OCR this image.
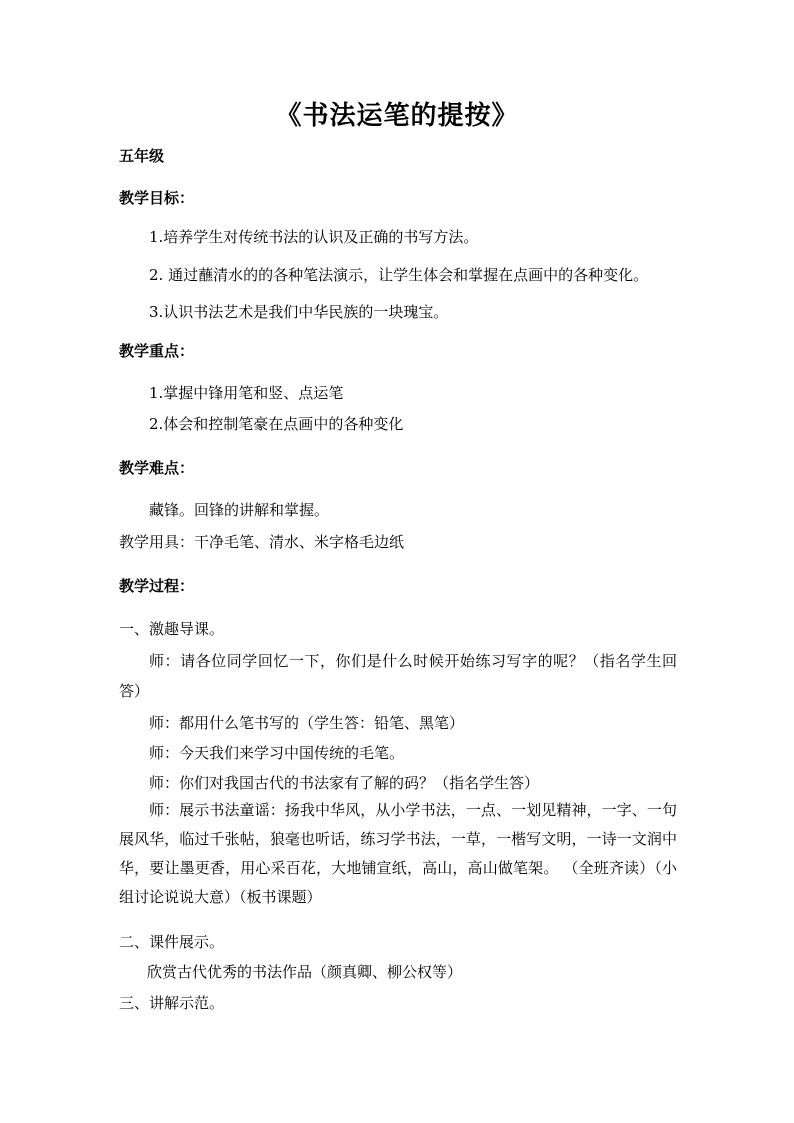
《书法运笔的提按》
五年级
教学目标：
1.培养学生对传统书法的认识及正确的书写方法。
2. 通过蘸清水的的各种笔法演示，让学生体会和掌握在点画中的各种变化。
3.认识书法艺术是我们中华民族的一块瑰宝。
教学重点：
1.掌握中锋用笔和竖、点运笔
2.体会和控制笔豪在点画中的各种变化
教学难点：
藏锋。回锋的讲解和掌握。
教学用具：干净毛笔、清水、米字格毛边纸
教学过程：
一、激趣导课。
师：请各位同学回忆一下，你们是什么时候开始练习写字的呢？（指名学生回答）
师：都用什么笔书写的（学生答：铅笔、黑笔）
师：今天我们来学习中国传统的毛笔。
师：你们对我国古代的书法家有了解的码？（指名学生答）
师：展示书法童谣：扬我中华风，从小学书法，一点、一划见精神，一字、一句展风华，临过千张帖，狼毫也听话，练习学书法，一草，一楷写文明，一诗一文润中华，要让墨更香，用心采百花，大地铺宣纸，高山，高山做笔架。 （全班齐读）（小组讨论说说大意）（板书课题）
二、课件展示。
欣赏古代优秀的书法作品（颜真卿、柳公权等）
三、讲解示范。
